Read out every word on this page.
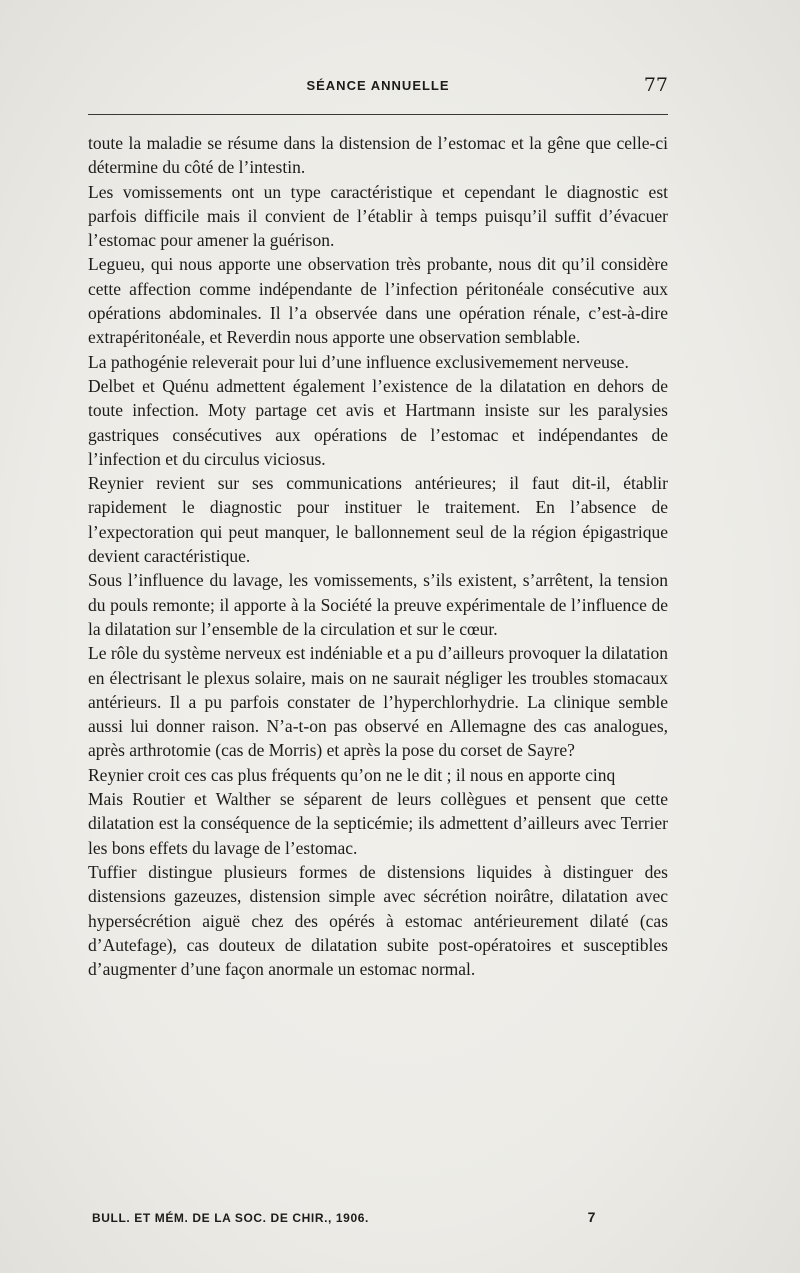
SÉANCE ANNUELLE	77

toute la maladie se résume dans la distension de l’estomac et la gêne que celle-ci détermine du côté de l’intestin.

Les vomissements ont un type caractéristique et cependant le diagnostic est parfois difficile mais il convient de l’établir à temps puisqu’il suffit d’évacuer l’estomac pour amener la guérison.

Legueu, qui nous apporte une observation très probante, nous dit qu’il considère cette affection comme indépendante de l’infection péritonéale consécutive aux opérations abdominales. Il l’a observée dans une opération rénale, c’est-à-dire extrapéritonéale, et Reverdin nous apporte une observation semblable.

La pathogénie releverait pour lui d’une influence exclusivemement nerveuse.

Delbet et Quénu admettent également l’existence de la dilatation en dehors de toute infection. Moty partage cet avis et Hartmann insiste sur les paralysies gastriques consécutives aux opérations de l’estomac et indépendantes de l’infection et du circulus viciosus.

Reynier revient sur ses communications antérieures; il faut dit-il, établir rapidement le diagnostic pour instituer le traitement. En l’absence de l’expectoration qui peut manquer, le ballonnement seul de la région épigastrique devient caractéristique.

Sous l’influence du lavage, les vomissements, s’ils existent, s’arrêtent, la tension du pouls remonte; il apporte à la Société la preuve expérimentale de l’influence de la dilatation sur l’ensemble de la circulation et sur le cœur.

Le rôle du système nerveux est indéniable et a pu d’ailleurs provoquer la dilatation en électrisant le plexus solaire, mais on ne saurait négliger les troubles stomacaux antérieurs. Il a pu parfois constater de l’hyperchlorhydrie. La clinique semble aussi lui donner raison. N’a-t-on pas observé en Allemagne des cas analogues, après arthrotomie (cas de Morris) et après la pose du corset de Sayre?

Reynier croit ces cas plus fréquents qu’on ne le dit ; il nous en apporte cinq

Mais Routier et Walther se séparent de leurs collègues et pensent que cette dilatation est la conséquence de la septicémie; ils admettent d’ailleurs avec Terrier les bons effets du lavage de l’estomac.

Tuffier distingue plusieurs formes de distensions liquides à distinguer des distensions gazeuzes, distension simple avec sécrétion noirâtre, dilatation avec hypersécrétion aiguë chez des opérés à estomac antérieurement dilaté (cas d’Autefage), cas douteux de dilatation subite post-opératoires et susceptibles d’augmenter d’une façon anormale un estomac normal.

BULL. ET MÉM. DE LA SOC. DE CHIR., 1906.	7
